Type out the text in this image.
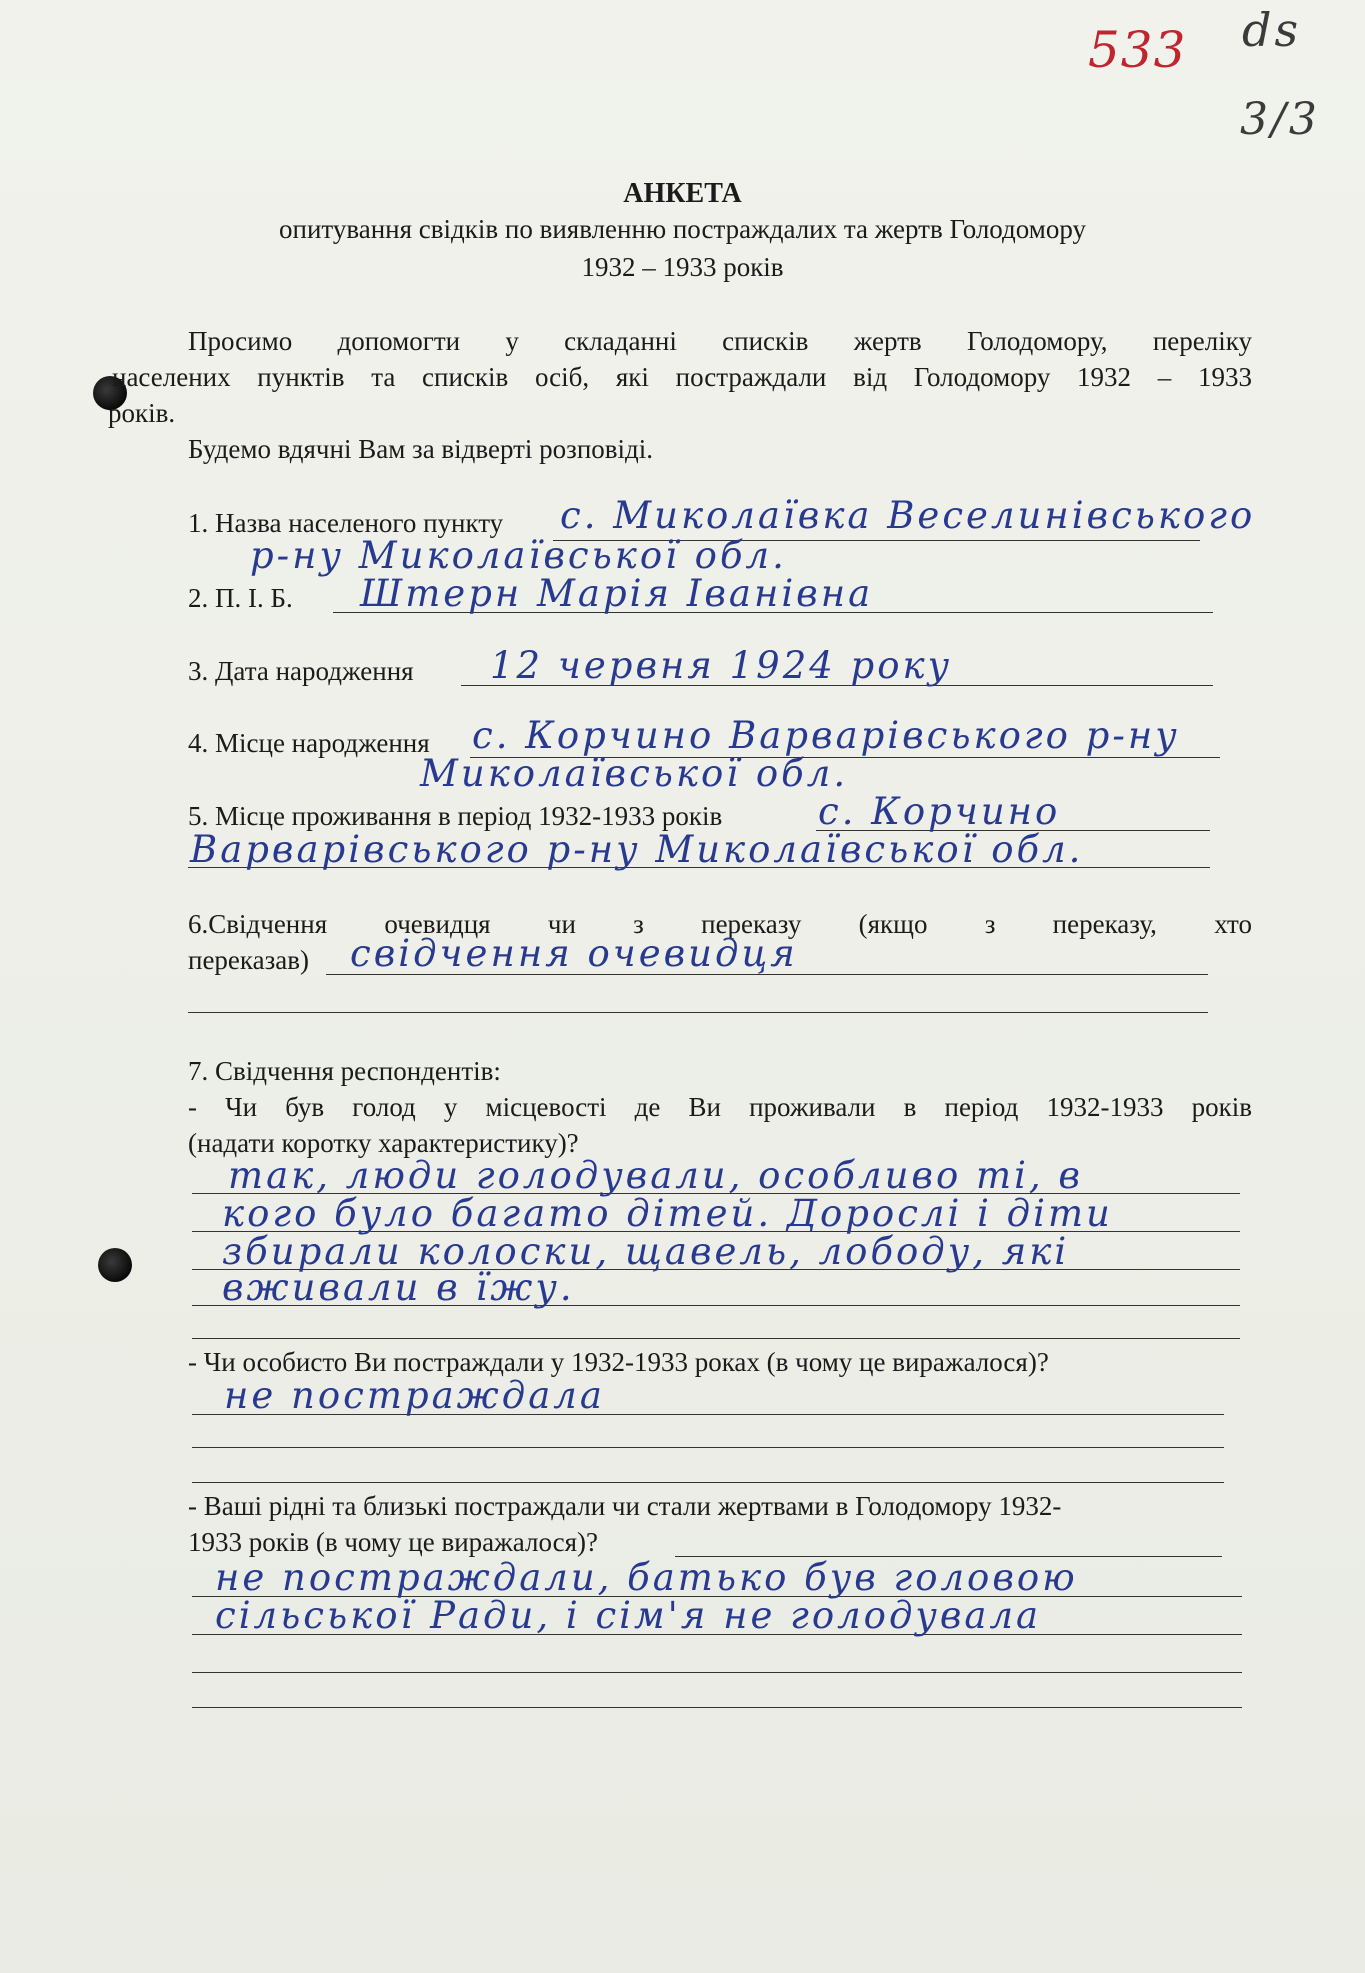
533 ds
3/3
АНКЕТА
опитування свідків по виявленню постраждалих та жертв Голодомору
1932 – 1933 років
Просимо допомогти у складанні списків жертв Голодомору, переліку
населених пунктів та списків осіб, які постраждали від Голодомору 1932 – 1933
років.
Будемо вдячні Вам за відверті розповіді.
1. Назва населеного пункту с. Миколаївка Веселинівського
р-ну Миколаївської обл.
2. П. І. Б. Штерн Марія Іванівна
3. Дата народження 12 червня 1924 року
4. Місце народження с. Корчино Варварівського р-ну
Миколаївської обл.
5. Місце проживання в період 1932-1933 років	с. Корчино
Варварівського р-ну Миколаївської обл.
6.Свідчення очевидця чи з переказу (якщо з переказу, хто
переказав) свідчення очевидця
7. Свідчення респондентів:
- Чи був голод у місцевості де Ви проживали в період 1932-1933 років
(надати коротку характеристику)?
так, люди голодували, особливо ті, в
кого було багато дітей. Дорослі і діти
збирали колоски, щавель, лободу, які
вживали в їжу.
- Чи особисто Ви постраждали у 1932-1933 роках (в чому це виражалося)?
не постраждала
- Ваші рідні та близькі постраждали чи стали жертвами в Голодомору 1932-
1933 років (в чому це виражалося)?
не постраждали, батько був головою
сільської Ради, і сім'я не голодувала
